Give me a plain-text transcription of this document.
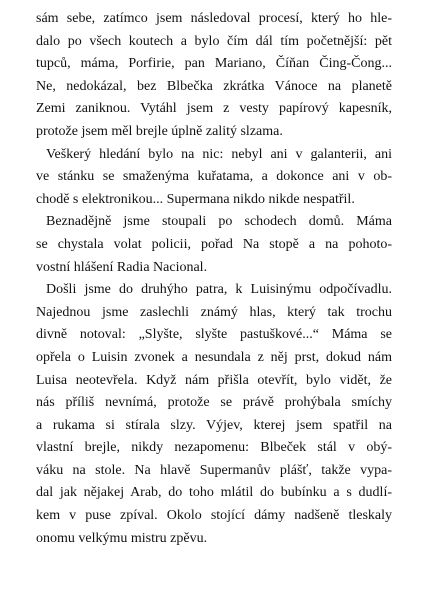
sám sebe, zatímco jsem následoval procesí, který ho hle-
dalo po všech koutech a bylo čím dál tím početnější: pět
tupců, máma, Porfirie, pan Mariano, Číňan Čing-Čong...
Ne, nedokázal, bez Blbečka zkrátka Vánoce na planetě
Zemi zaniknou. Vytáhl jsem z vesty papírový kapesník,
protože jsem měl brejle úplně zalitý slzama.
Veškerý hledání bylo na nic: nebyl ani v galanterii, ani
ve stánku se smaženýma kuřatama, a dokonce ani v ob-
chodě s elektronikou... Supermana nikdo nikde nespatřil.
Beznadějně jsme stoupali po schodech domů. Máma
se chystala volat policii, pořad Na stopě a na pohoto-
vostní hlášení Radia Nacional.
Došli jsme do druhýho patra, k Luisinýmu odpočívadlu.
Najednou jsme zaslechli známý hlas, který tak trochu
divně notoval: „Slyšte, slyšte pastuškové...“ Máma se
opřela o Luisin zvonek a nesundala z něj prst, dokud nám
Luisa neotevřela. Když nám přišla otevřít, bylo vidět, že
nás příliš nevnímá, protože se právě prohýbala smíchy
a rukama si stírala slzy. Výjev, kterej jsem spatřil na
vlastní brejle, nikdy nezapomenu: Blbeček stál v obý-
váku na stole. Na hlavě Supermanův plášť, takže vypa-
dal jak nějakej Arab, do toho mlátil do bubínku a s dudlí-
kem v puse zpíval. Okolo stojící dámy nadšeně tleskaly
onomu velkýmu mistru zpěvu.
